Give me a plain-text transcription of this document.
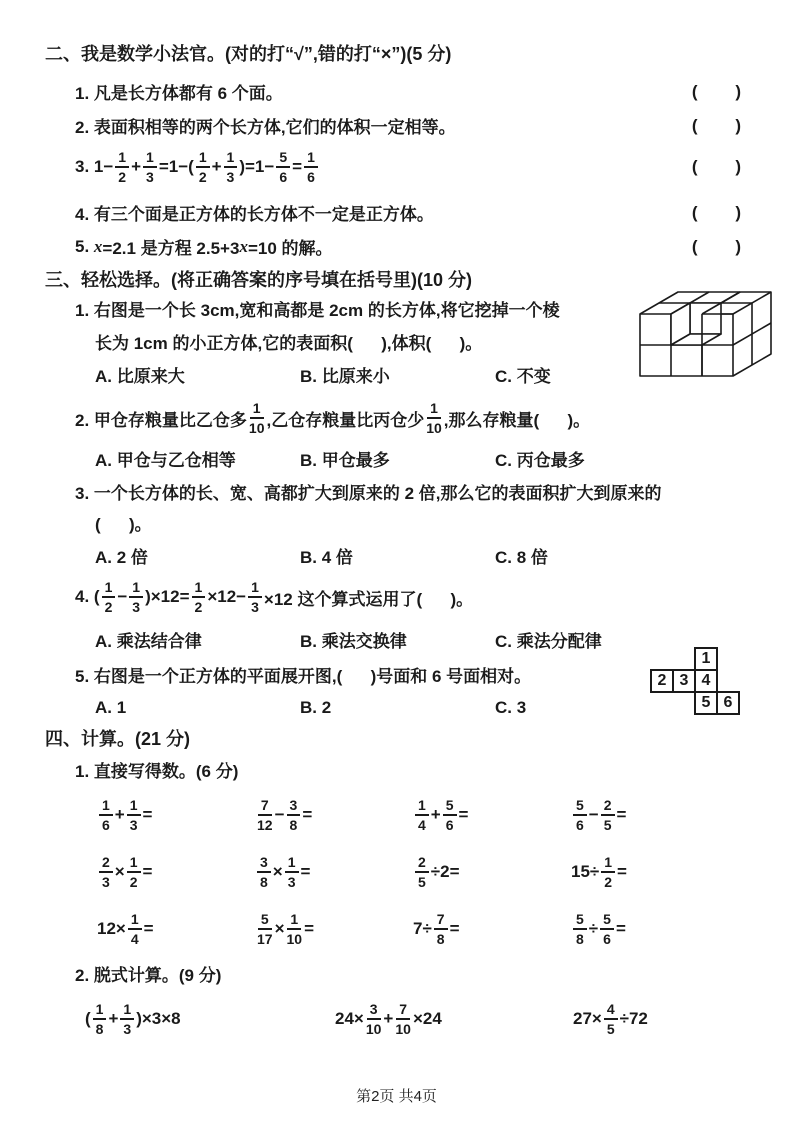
二、我是数学小法官。(对的打“√”,错的打“×”)(5 分)
1. 凡是长方体都有 6 个面。	(        )
2. 表面积相等的两个长方体,它们的体积一定相等。	(        )
3. $1- \frac{1}{2} + \frac{1}{3} =1-( \frac{1}{2} + \frac{1}{3} )=1- \frac{5}{6} = \frac{1}{6}$	(        )
4. 有三个面是正方体的长方体不一定是正方体。	(        )
5. x =2.1 是方程 2.5+3 x =10 的解。	(        )
三、轻松选择。(将正确答案的序号填在括号里)(10 分)
1. 右图是一个长 3cm,宽和高都是 2cm 的长方体,将它挖掉一个棱
长为 1cm 的小正方体,它的表面积(      ),体积(      )。
A. 比原来大	B. 比原来小	C. 不变
2. 甲仓存粮量比乙仓多 $\frac{1}{10}$ ,乙仓存粮量比丙仓少 $\frac{1}{10}$ ,那么存粮量(      )。
A. 甲仓与乙仓相等	B. 甲仓最多	C. 丙仓最多
3. 一个长方体的长、宽、高都扩大到原来的 2 倍,那么它的表面积扩大到原来的
(      )。
A. 2 倍	B. 4 倍	C. 8 倍
4. ( $\frac{1}{2} - \frac{1}{3} )\times 12= \frac{1}{2} \times 12- \frac{1}{3} \times 12$ 这个算式运用了(      )。
A. 乘法结合律	B. 乘法交换律	C. 乘法分配律
5. 右图是一个正方体的平面展开图,(      )号面和 6 号面相对。
A. 1	B. 2	C. 3
四、计算。(21 分)
1. 直接写得数。(6 分)
$\frac{1}{6} + \frac{1}{3}$ =	$\frac{7}{12} - \frac{3}{8}$ =	$\frac{1}{4} + \frac{5}{6}$ =	$\frac{5}{6} - \frac{2}{5}$ =
$\frac{2}{3} \times \frac{1}{2}$ =	$\frac{3}{8} \times \frac{1}{3}$ =	$\frac{2}{5} \div 2=$	$15\div \frac{1}{2}$ =
$12\times \frac{1}{4}$ =	$\frac{5}{17} \times \frac{1}{10}$ =	$7\div \frac{7}{8}$ =	$\frac{5}{8} \div \frac{5}{6}$ =
2. 脱式计算。(9 分)
( $\frac{1}{8} + \frac{1}{3} )\times 3\times 8$	$24\times \frac{3}{10} + \frac{7}{10} \times 24$	$27\times \frac{4}{5} \div 72$
1
2 3 4
5 6
第2页 共4页
